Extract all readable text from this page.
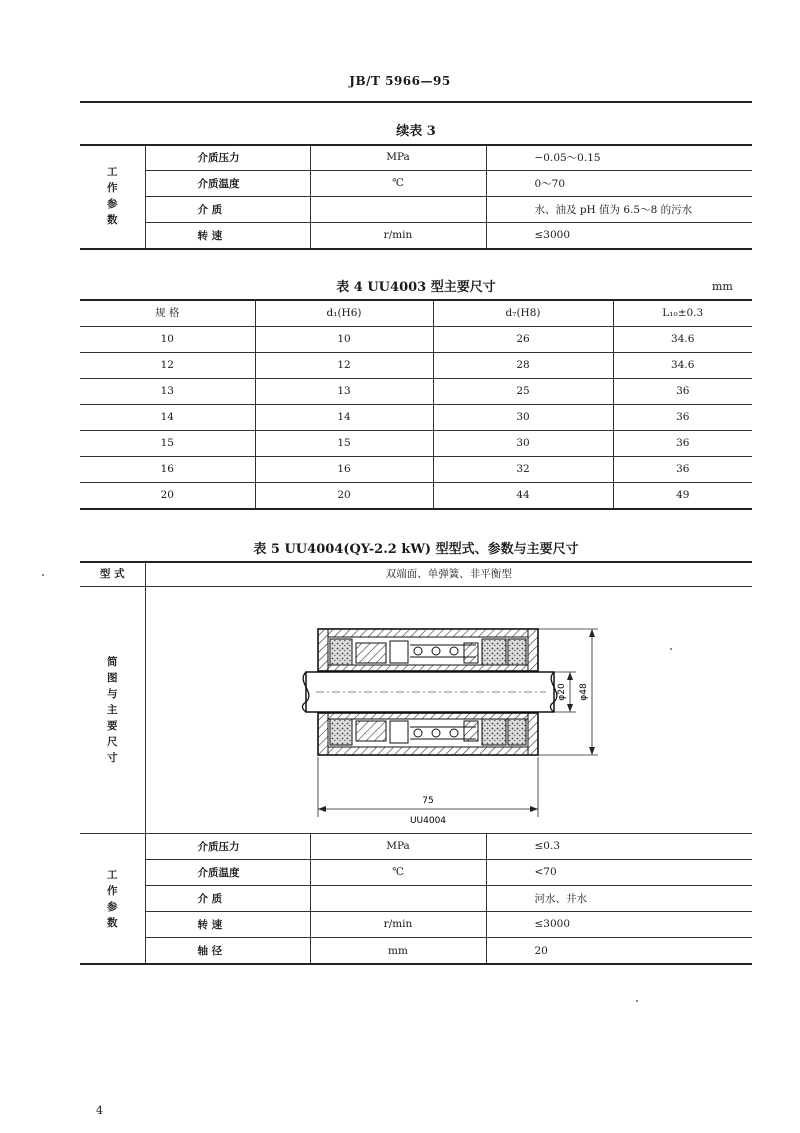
JB/T 5966—95
续表 3
工作参数	介质压力	MPa	−0.05～0.15
	介质温度	℃	0～70
	介 质		水、油及 pH 值为 6.5～8 的污水
	转 速	r/min	≤3000
表 4 UU4003 型主要尺寸	mm
规 格	d₁(H6)	d₇(H8)	L₁₀±0.3
10	10	26	34.6
12	12	28	34.6
13	13	25	36
14	14	30	36
15	15	30	36
16	16	32	36
20	20	44	49
表 5 UU4004(QY-2.2 kW) 型型式、参数与主要尺寸
型 式	双端面、单弹簧、非平衡型		
简图与主要尺寸	75
φ20 φ48
UU4004		

工作参数	介质压力	MPa	≤0.3
	介质温度	℃	<70
	介 质		河水、井水
	转 速	r/min	≤3000
	轴 径	mm	20
4
